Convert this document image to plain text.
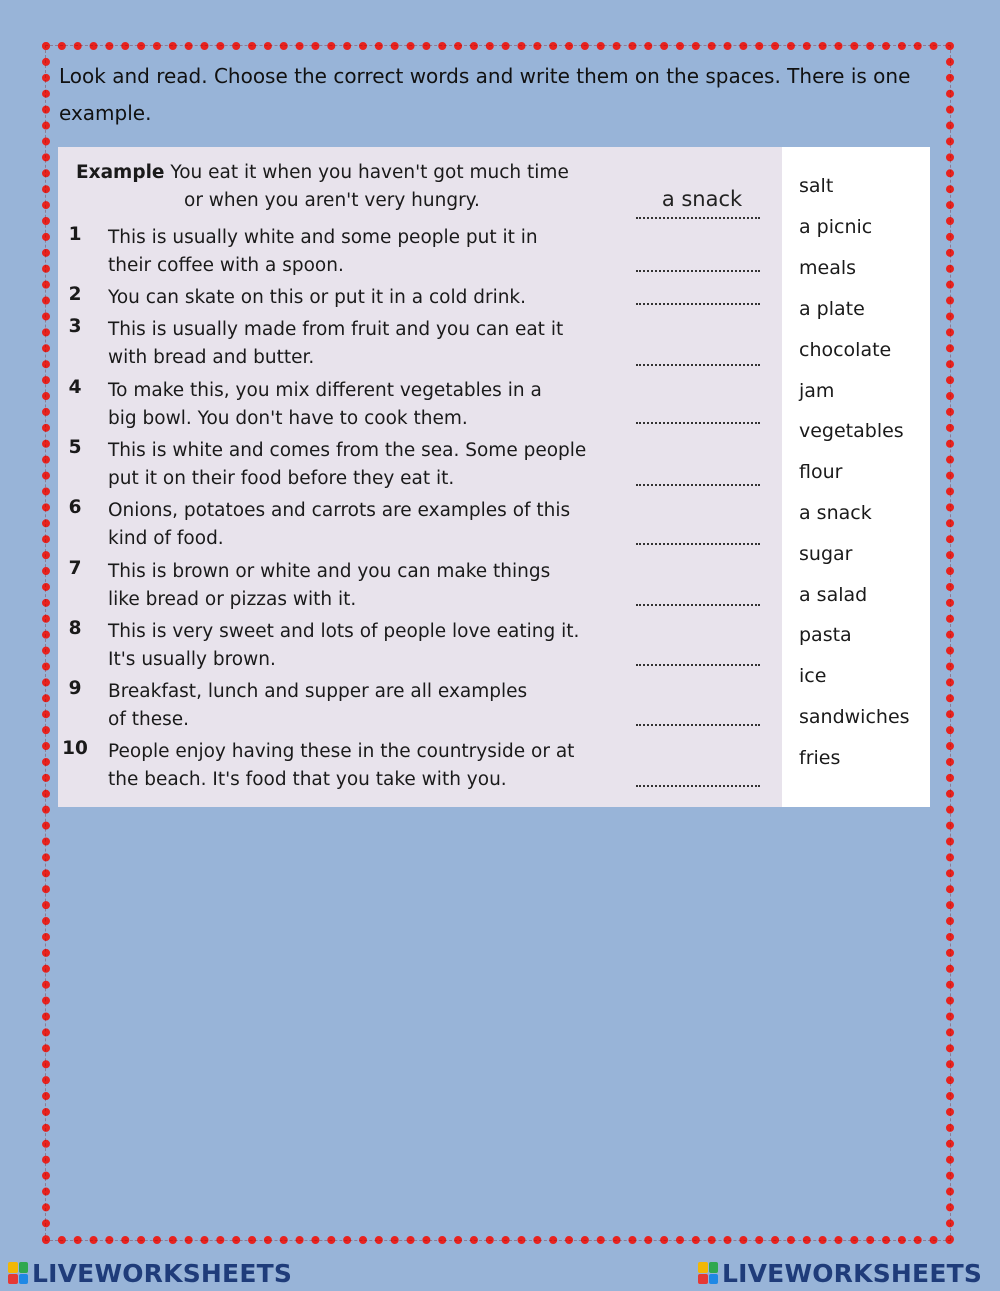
Look and read. Choose the correct words and write them on the spaces. There is one example.
Example You eat it when you haven't got much time
or when you aren't very hungry.	a snack
1	This is usually white and some people put it in
their coffee with a spoon.
2	You can skate on this or put it in a cold drink.
3	This is usually made from fruit and you can eat it
with bread and butter.
4	To make this, you mix different vegetables in a
big bowl. You don't have to cook them.
5	This is white and comes from the sea. Some people
put it on their food before they eat it.
6	Onions, potatoes and carrots are examples of this
kind of food.
7	This is brown or white and you can make things
like bread or pizzas with it.
8	This is very sweet and lots of people love eating it.
It's usually brown.
9	Breakfast, lunch and supper are all examples
of these.
10 People enjoy having these in the countryside or at
the beach. It's food that you take with you.
salt
a picnic
meals
a plate
chocolate
jam
vegetables
flour
a snack
sugar
a salad
pasta
ice
sandwiches
fries
LIVEWORKSHEETS	LIVEWORKSHEETS
